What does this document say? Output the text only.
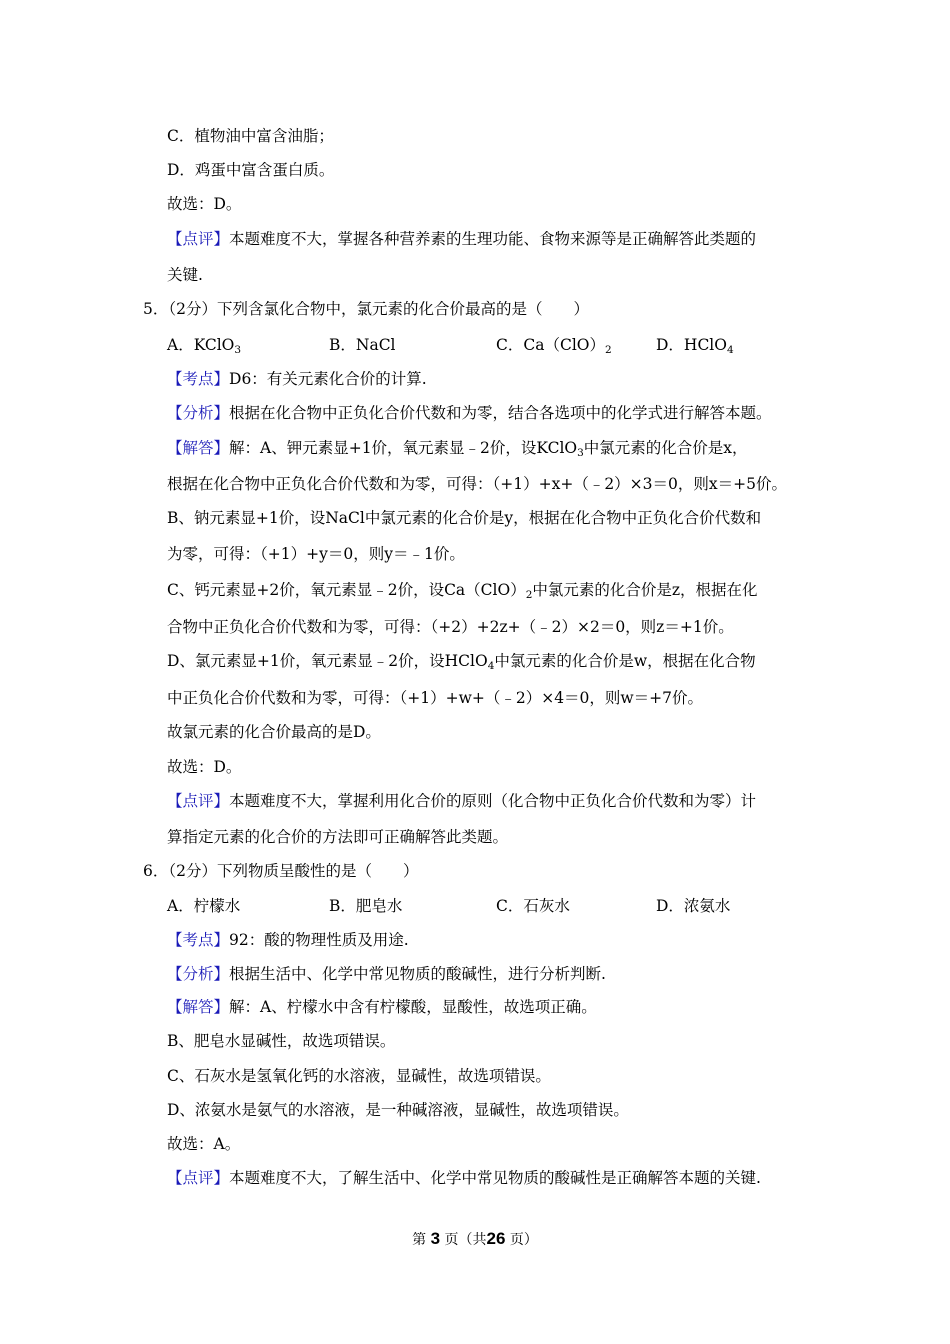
C．植物油中富含油脂；
D．鸡蛋中富含蛋白质。
故选：D。
【点评】本题难度不大，掌握各种营养素的生理功能、食物来源等是正确解答此类题的
关键.
5．（2分）下列含氯化合物中，氯元素的化合价最高的是（　　）
A．KClO$_3$	B．NaCl	C．$Ca(ClO)_2$	D．HClO$_4$
【考点】D6：有关元素化合价的计算.
【分析】根据在化合物中正负化合价代数和为零，结合各选项中的化学式进行解答本题。
【解答】解：A、钾元素显+1价，氧元素显﹣2价，设KClO$_3$中氯元素的化合价是x，
根据在化合物中正负化合价代数和为零，可得：（+1）+x+（﹣2）×3＝0，则x＝+5价。
B、钠元素显+1价，设NaCl中氯元素的化合价是y，根据在化合物中正负化合价代数和
为零，可得：（+1）+y＝0，则y＝﹣1价。
C、钙元素显+2价，氧元素显﹣2价，设$Ca(ClO)_2$中氯元素的化合价是z，根据在化
合物中正负化合价代数和为零，可得：（+2）+2z+（﹣2）×2＝0，则z＝+1价。
D、氯元素显+1价，氧元素显﹣2价，设HClO$_4$中氯元素的化合价是w，根据在化合物
中正负化合价代数和为零，可得：（+1）+w+（﹣2）×4＝0，则w＝+7价。
故氯元素的化合价最高的是D。
故选：D。
【点评】本题难度不大，掌握利用化合价的原则（化合物中正负化合价代数和为零）计
算指定元素的化合价的方法即可正确解答此类题。
6．（2分）下列物质呈酸性的是（　　）
A．柠檬水	B．肥皂水	C．石灰水	D．浓氨水
【考点】92：酸的物理性质及用途.
【分析】根据生活中、化学中常见物质的酸碱性，进行分析判断.
【解答】解：A、柠檬水中含有柠檬酸，显酸性，故选项正确。
B、肥皂水显碱性，故选项错误。
C、石灰水是氢氧化钙的水溶液，显碱性，故选项错误。
D、浓氨水是氨气的水溶液，是一种碱溶液，显碱性，故选项错误。
故选：A。
【点评】本题难度不大，了解生活中、化学中常见物质的酸碱性是正确解答本题的关键.
第 3 页（共26 页）
